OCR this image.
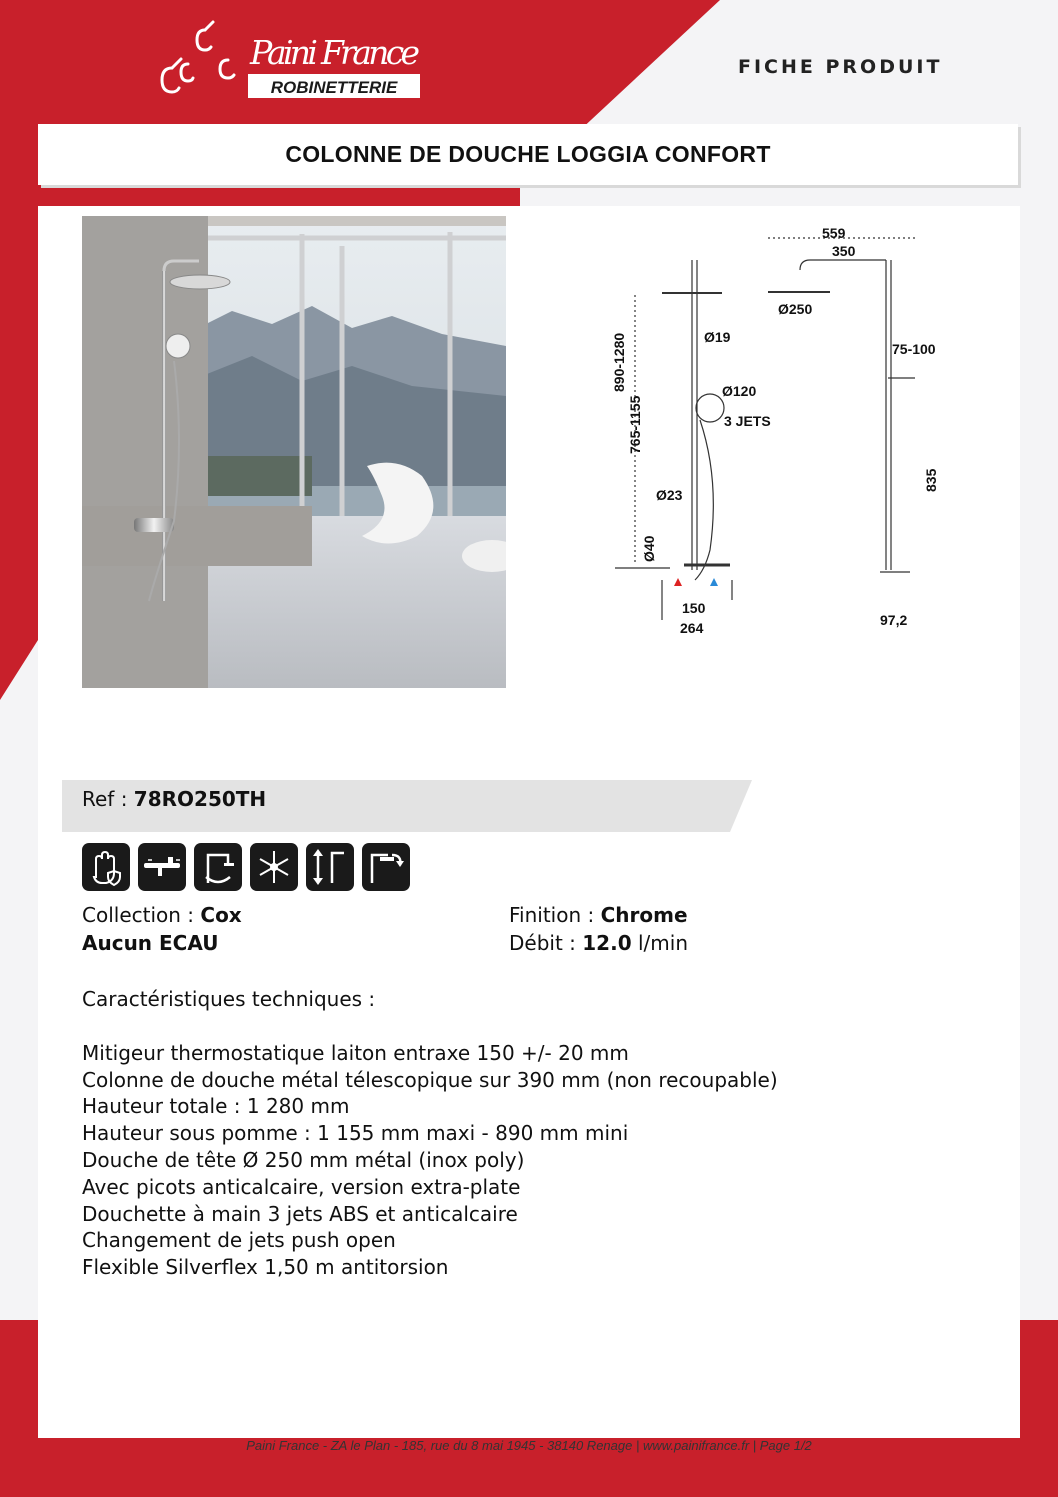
Paini France
ROBINETTERIE
FICHE PRODUIT
COLONNE DE DOUCHE LOGGIA CONFORT
559
350
Ø250
Ø19
75-100
Ø120
3 JETS
Ø23
150
264	97,2
890-1280
765-1155
Ø40
835
Ref : 78RO250TH
Collection : Cox
Aucun ECAU
Finition : Chrome
Débit : 12.0 l/min
Caractéristiques techniques :
Mitigeur thermostatique laiton entraxe 150 +/- 20 mm
Colonne de douche métal télescopique sur 390 mm (non recoupable)
Hauteur totale : 1 280 mm
Hauteur sous pomme : 1 155 mm maxi - 890 mm mini
Douche de tête Ø 250 mm métal (inox poly)
Avec picots anticalcaire, version extra-plate
Douchette à main 3 jets ABS et anticalcaire
Changement de jets push open
Flexible Silverflex 1,50 m antitorsion
Paini France - ZA le Plan - 185, rue du 8 mai 1945 - 38140 Renage | www.painifrance.fr | Page 1/2
